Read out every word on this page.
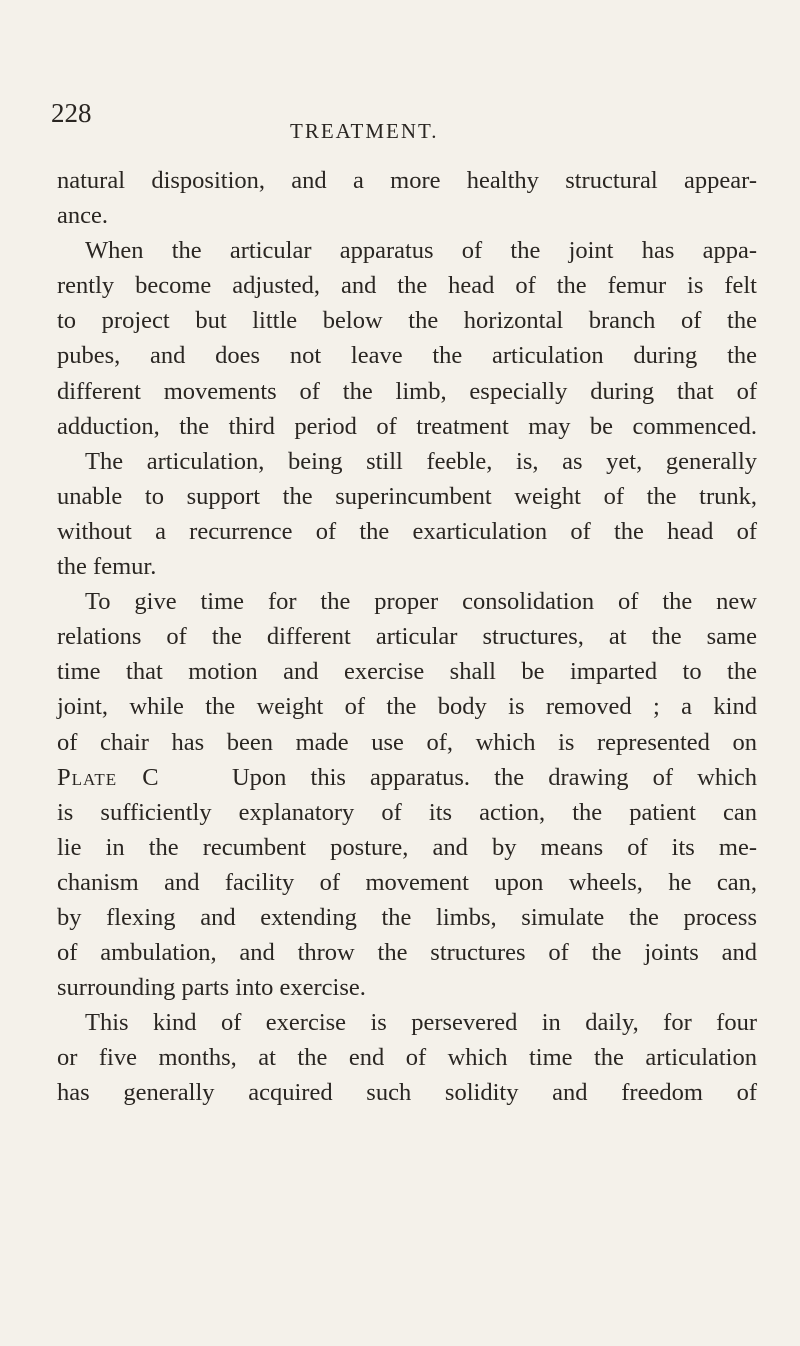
228
TREATMENT.
natural disposition, and a more healthy structural appear-
ance.
When the articular apparatus of the joint has appa-
rently become adjusted, and the head of the femur is felt
to project but little below the horizontal branch of the
pubes, and does not leave the articulation during the
different movements of the limb, especially during that of
adduction, the third period of treatment may be commenced.
The articulation, being still feeble, is, as yet, generally
unable to support the superincumbent weight of the trunk,
without a recurrence of the exarticulation of the head of
the femur.
To give time for the proper consolidation of the new
relations of the different articular structures, at the same
time that motion and exercise shall be imparted to the
joint, while the weight of the body is removed ; a kind
of chair has been made use of, which is represented on
Plate C	Upon this apparatus. the drawing of which
is sufficiently explanatory of its action, the patient can
lie in the recumbent posture, and by means of its me-
chanism and facility of movement upon wheels, he can,
by flexing and extending the limbs, simulate the process
of ambulation, and throw the structures of the joints and
surrounding parts into exercise.
This kind of exercise is persevered in daily, for four
or five months, at the end of which time the articulation
has generally acquired such solidity and freedom of
